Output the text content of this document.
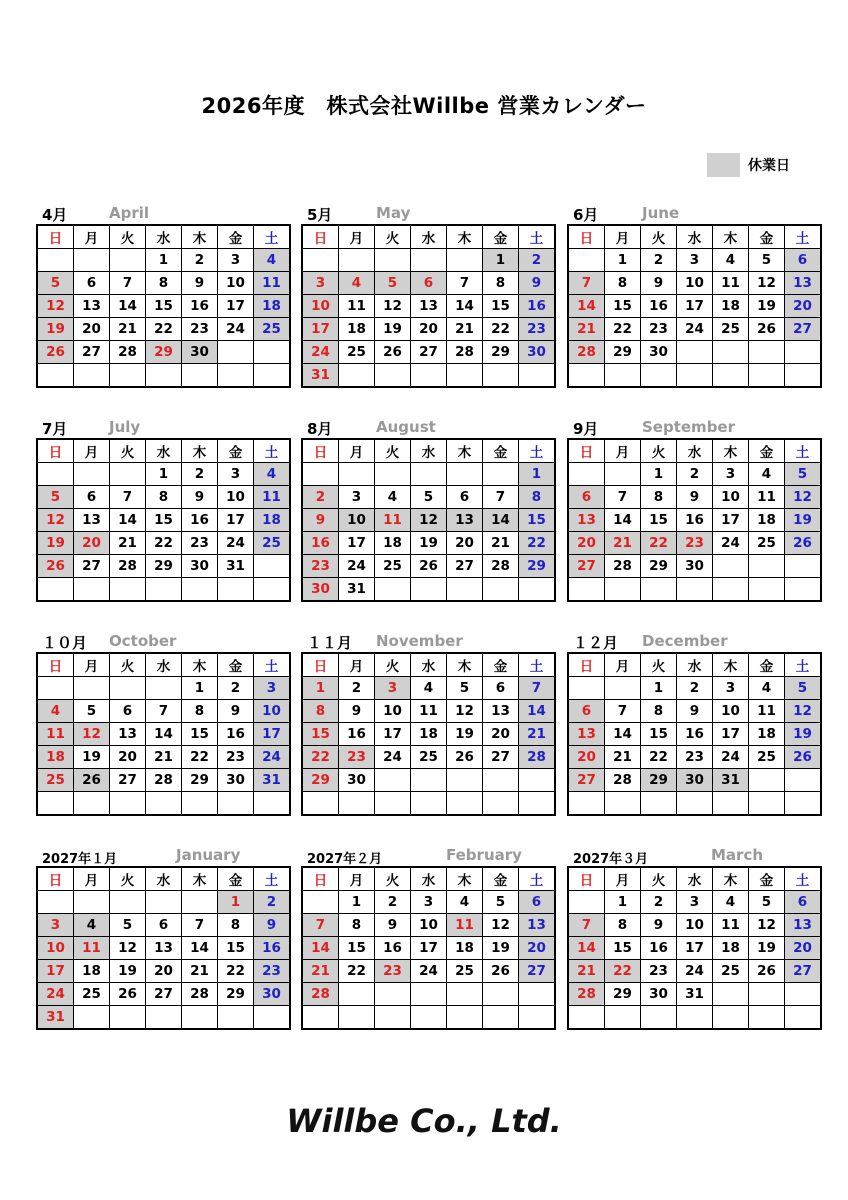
2026年度　株式会社Willbe 営業カレンダー
休業日
4月	April
日	月	火	水	木	金	土
			1	2	3	4
5	6	7	8	9	10	11
12	13	14	15	16	17	18
19	20	21	22	23	24	25
26	27	28	29	30		

5月	May
日	月	火	水	木	金	土
					1	2
3	4	5	6	7	8	9
10	11	12	13	14	15	16
17	18	19	20	21	22	23
24	25	26	27	28	29	30
31						
6月	June
日	月	火	水	木	金	土
	1	2	3	4	5	6
7	8	9	10	11	12	13
14	15	16	17	18	19	20
21	22	23	24	25	26	27
28	29	30				

7月	July
日	月	火	水	木	金	土
			1	2	3	4
5	6	7	8	9	10	11
12	13	14	15	16	17	18
19	20	21	22	23	24	25
26	27	28	29	30	31	

8月	August
日	月	火	水	木	金	土
						1
2	3	4	5	6	7	8
9	10	11	12	13	14	15
16	17	18	19	20	21	22
23	24	25	26	27	28	29
30	31					
9月	September
日	月	火	水	木	金	土
		1	2	3	4	5
6	7	8	9	10	11	12
13	14	15	16	17	18	19
20	21	22	23	24	25	26
27	28	29	30			

１０月 October
日	月	火	水	木	金	土
				1	2	3
4	5	6	7	8	9	10
11	12	13	14	15	16	17
18	19	20	21	22	23	24
25	26	27	28	29	30	31

１１月 November
日	月	火	水	木	金	土
1	2	3	4	5	6	7
8	9	10	11	12	13	14
15	16	17	18	19	20	21
22	23	24	25	26	27	28
29	30					

１２月 December
日	月	火	水	木	金	土
		1	2	3	4	5
6	7	8	9	10	11	12
13	14	15	16	17	18	19
20	21	22	23	24	25	26
27	28	29	30	31		

2027年１月	January
日	月	火	水	木	金	土
					1	2
3	4	5	6	7	8	9
10	11	12	13	14	15	16
17	18	19	20	21	22	23
24	25	26	27	28	29	30
31						
2027年２月	February
日	月	火	水	木	金	土
	1	2	3	4	5	6
7	8	9	10	11	12	13
14	15	16	17	18	19	20
21	22	23	24	25	26	27
28						

2027年３月	March
日	月	火	水	木	金	土
	1	2	3	4	5	6
7	8	9	10	11	12	13
14	15	16	17	18	19	20
21	22	23	24	25	26	27
28	29	30	31			

Willbe Co., Ltd.
